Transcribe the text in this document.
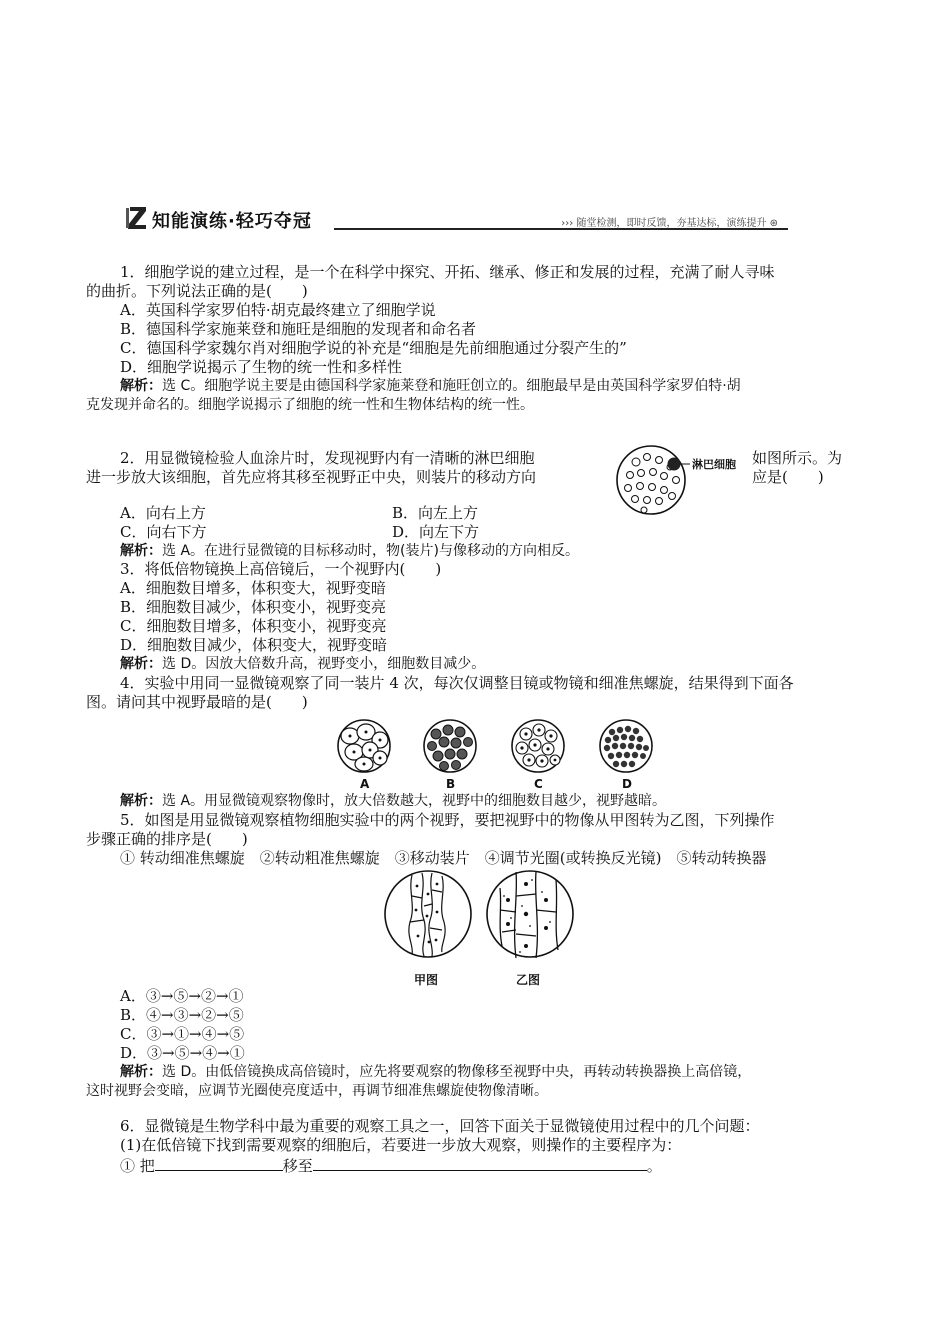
知能演练·轻巧夺冠	››› 随堂检测，即时反馈，夯基达标，演练提升 ⊛
1．细胞学说的建立过程，是一个在科学中探究、开拓、继承、修正和发展的过程，充满了耐人寻味
的曲折。下列说法正确的是(　　)
A．英国科学家罗伯特·胡克最终建立了细胞学说
B．德国科学家施莱登和施旺是细胞的发现者和命名者
C．德国科学家魏尔肖对细胞学说的补充是“细胞是先前细胞通过分裂产生的”
D．细胞学说揭示了生物的统一性和多样性
解析：选 C。细胞学说主要是由德国科学家施莱登和施旺创立的。细胞最早是由英国科学家罗伯特·胡
克发现并命名的。细胞学说揭示了细胞的统一性和生物体结构的统一性。
2．用显微镜检验人血涂片时，发现视野内有一清晰的淋巴细胞	如图所示。为
进一步放大该细胞，首先应将其移至视野正中央，则装片的移动方向	应是(　　)
淋巴细胞
A．向右上方	B．向左上方
C．向右下方	D．向左下方
解析：选 A。在进行显微镜的目标移动时，物(装片)与像移动的方向相反。
3．将低倍物镜换上高倍镜后，一个视野内(　　)
A．细胞数目增多，体积变大，视野变暗
B．细胞数目减少，体积变小，视野变亮
C．细胞数目增多，体积变小，视野变亮
D．细胞数目减少，体积变大，视野变暗
解析：选 D。因放大倍数升高，视野变小，细胞数目减少。
4．实验中用同一显微镜观察了同一装片 4 次，每次仅调整目镜或物镜和细准焦螺旋，结果得到下面各
图。请问其中视野最暗的是(　　)
A	B	C	D
解析：选 A。用显微镜观察物像时，放大倍数越大，视野中的细胞数目越少，视野越暗。
5．如图是用显微镜观察植物细胞实验中的两个视野，要把视野中的物像从甲图转为乙图，下列操作
步骤正确的排序是(　　)
① 转动细准焦螺旋　②转动粗准焦螺旋　③移动装片　④调节光圈(或转换反光镜)　⑤转动转换器
甲图	乙图
A．③→⑤→②→①
B．④→③→②→⑤
C．③→①→④→⑤
D．③→⑤→④→①
解析：选 D。由低倍镜换成高倍镜时，应先将要观察的物像移至视野中央，再转动转换器换上高倍镜，
这时视野会变暗，应调节光圈使亮度适中，再调节细准焦螺旋使物像清晰。
6．显微镜是生物学科中最为重要的观察工具之一，回答下面关于显微镜使用过程中的几个问题：
(1)在低倍镜下找到需要观察的细胞后，若要进一步放大观察，则操作的主要程序为：
① 把	移至	。
